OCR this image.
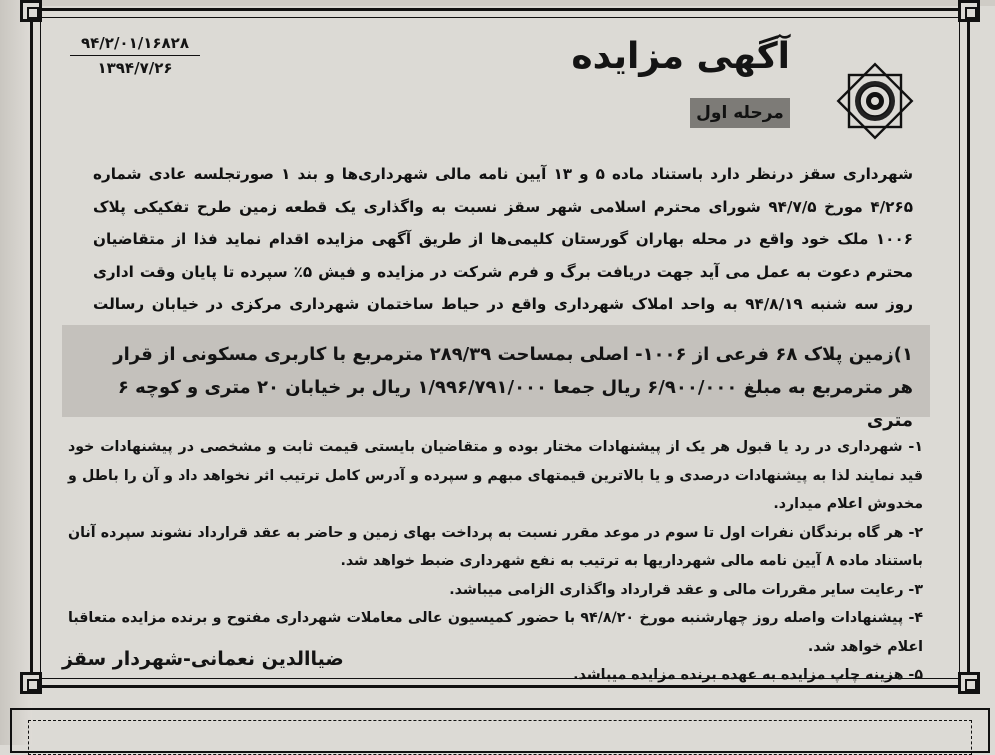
۹۴/۲/۰۱/۱۶۸۲۸
۱۳۹۴/۷/۲۶	آگهی مزایده
مرحله اول
شهرداری سقز درنظر دارد باستناد ماده ۵ و ۱۳ آیین نامه مالی شهرداری‌ها و بند ۱ صورتجلسه عادی شماره ۴/۲۶۵ مورخ ۹۴/۷/۵ شورای محترم اسلامی شهر سقز نسبت به واگذاری یک قطعه زمین طرح تفکیکی پلاک ۱۰۰۶ ملک خود واقع در محله بهاران گورستان کلیمی‌ها از طریق آگهی مزایده اقدام نماید فذا از متقاضیان محترم دعوت به عمل می آید جهت دریافت برگ و فرم شرکت در مزایده و فیش ۵٪ سپرده تا پایان وقت اداری روز سه شنبه ۹۴/۸/۱۹ به واحد املاک شهرداری واقع در حیاط ساختمان شهرداری مرکزی در خیابان رسالت
۱)زمین پلاک ۶۸ فرعی از ۱۰۰۶- اصلی بمساحت ۲۸۹/۳۹ مترمربع با کاربری مسکونی از قرار هر مترمربع به مبلغ ۶/۹۰۰/۰۰۰ ریال جمعا ۱/۹۹۶/۷۹۱/۰۰۰ ریال بر خیابان ۲۰ متری و کوچه ۶ متری
۱- شهرداری در رد یا قبول هر یک از پیشنهادات مختار بوده و متقاضیان بایستی قیمت ثابت و مشخصی در پیشنهادات خود قید نمایند لذا به پیشنهادات درصدی و یا بالاترین قیمتهای مبهم و سپرده و آدرس کامل ترتیب اثر نخواهد داد و آن را باطل و مخدوش اعلام میدارد.
۲- هر گاه برندگان نفرات اول تا سوم در موعد مقرر نسبت به پرداخت بهای زمین و حاضر به عقد قرارداد نشوند سپرده آنان باستناد ماده ۸ آیین نامه مالی شهرداریها به ترتیب به نفع شهرداری ضبط خواهد شد.
۳- رعایت سایر مقررات مالی و عقد قرارداد واگذاری الزامی میباشد.
۴- پیشنهادات واصله روز چهارشنبه مورخ ۹۴/۸/۲۰ با حضور کمیسیون عالی معاملات شهرداری مفتوح و برنده مزایده متعاقبا اعلام خواهد شد.
۵- هزینه چاپ مزایده به عهده برنده مزایده میباشد.
ضیاالدین نعمانی-شهردار سقز
